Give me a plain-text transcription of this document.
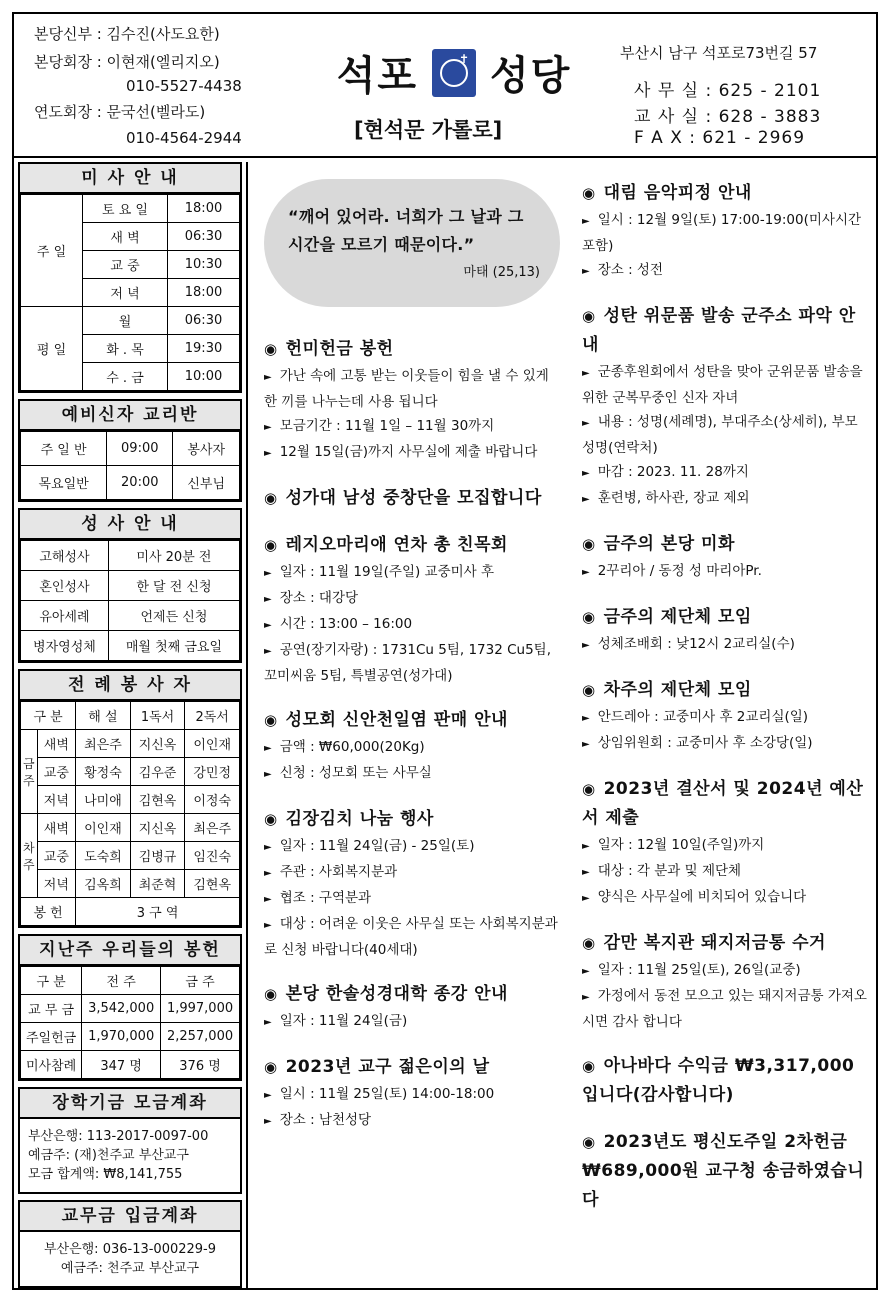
본당신부 : 김수진(사도요한)
본당회장 : 이현재(엘리지오)
010-5527-4438
연도회장 : 문국선(벨라도)
010-4564-2944
석포	✝ 성당
[현석문 가롤로]
부산시 남구 석포로73번길 57
사 무 실 : 625 - 2101
교 사 실 : 628 - 3883
F A X : 621 - 2969
미 사 안 내
주 일	토 요 일	18:00
	새 벽	06:30
	교 중	10:30
	저 녁	18:00
평 일	월	06:30
	화 . 목	19:30
	수 . 금	10:00
예비신자 교리반
주 일 반	09:00	봉사자
목요일반	20:00	신부님
성 사 안 내
고해성사	미사 20분 전
혼인성사	한 달 전 신청
유아세례	언제든 신청
병자영성체	매월 첫째 금요일
전 례 봉 사 자
구 분		해 설	1독서	2독서
금주	새벽	최은주	지신옥	이인재
	교중	황정숙	김우준	강민정
	저녁	나미애	김현옥	이정숙
차주	새벽	이인재	지신옥	최은주
	교중	도숙희	김병규	임진숙
	저녁	김옥희	최준혁	김현옥
봉 헌		3 구 역		
지난주 우리들의 봉헌
구 분	전 주	금 주
교 무 금	3,542,000	1,997,000
주일헌금	1,970,000	2,257,000
미사참례	347 명	376 명
장학기금 모금계좌
부산은행: 113-2017-0097-00
예금주: (재)천주교 부산교구
모금 합계액: ₩8,141,755
교무금 입금계좌
부산은행: 036-13-000229-9
예금주: 천주교 부산교구
“깨어 있어라. 너희가 그 날과 그 시간을 모르기 때문이다.”
마태 (25,13)
◉ 헌미헌금 봉헌
► 가난 속에 고통 받는 이웃들이 힘을 낼 수 있게 한 끼를 나누는데 사용 됩니다
► 모금기간 : 11월 1일 – 11월 30까지
► 12월 15일(금)까지 사무실에 제출 바랍니다
◉ 성가대 남성 중창단을 모집합니다
◉ 레지오마리애 연차 총 친목회
► 일자 : 11월 19일(주일) 교중미사 후
► 장소 : 대강당
► 시간 : 13:00 – 16:00
► 공연(장기자랑) : 1731Cu 5팀, 1732 Cu5팀, 꼬미씨움 5팀, 특별공연(성가대)
◉ 성모회 신안천일염 판매 안내
► 금액 : ₩60,000(20Kg)
► 신청 : 성모회 또는 사무실
◉ 김장김치 나눔 행사
► 일자 : 11월 24일(금) - 25일(토)
► 주관 : 사회복지분과
► 협조 : 구역분과
► 대상 : 어려운 이웃은 사무실 또는 사회복지분과로 신청 바랍니다(40세대)
◉ 본당 한솔성경대학 종강 안내
► 일자 : 11월 24일(금)
◉ 2023년 교구 젊은이의 날
► 일시 : 11월 25일(토) 14:00-18:00
► 장소 : 남천성당
◉ 대림 음악피정 안내
► 일시 : 12월 9일(토) 17:00-19:00(미사시간 포함)
► 장소 : 성전
◉ 성탄 위문품 발송 군주소 파악 안내
► 군종후원회에서 성탄을 맞아 군위문품 발송을 위한 군복무중인 신자 자녀
► 내용 : 성명(세례명), 부대주소(상세히), 부모성명(연락처)
► 마감 : 2023. 11. 28까지
► 훈련병, 하사관, 장교 제외
◉ 금주의 본당 미화
► 2꾸리아 / 동정 성 마리아Pr.
◉ 금주의 제단체 모임
► 성체조배회 : 낮12시 2교리실(수)
◉ 차주의 제단체 모임
► 안드레아 : 교중미사 후 2교리실(일)
► 상임위원회 : 교중미사 후 소강당(일)
◉ 2023년 결산서 및 2024년 예산서 제출
► 일자 : 12월 10일(주일)까지
► 대상 : 각 분과 및 제단체
► 양식은 사무실에 비치되어 있습니다
◉ 감만 복지관 돼지저금통 수거
► 일자 : 11월 25일(토), 26일(교중)
► 가정에서 동전 모으고 있는 돼지저금통 가져오시면 감사 합니다
◉ 아나바다 수익금 ₩3,317,000입니다(감사합니다)
◉ 2023년도 평신도주일 2차헌금 ₩689,000원 교구청 송금하였습니다
